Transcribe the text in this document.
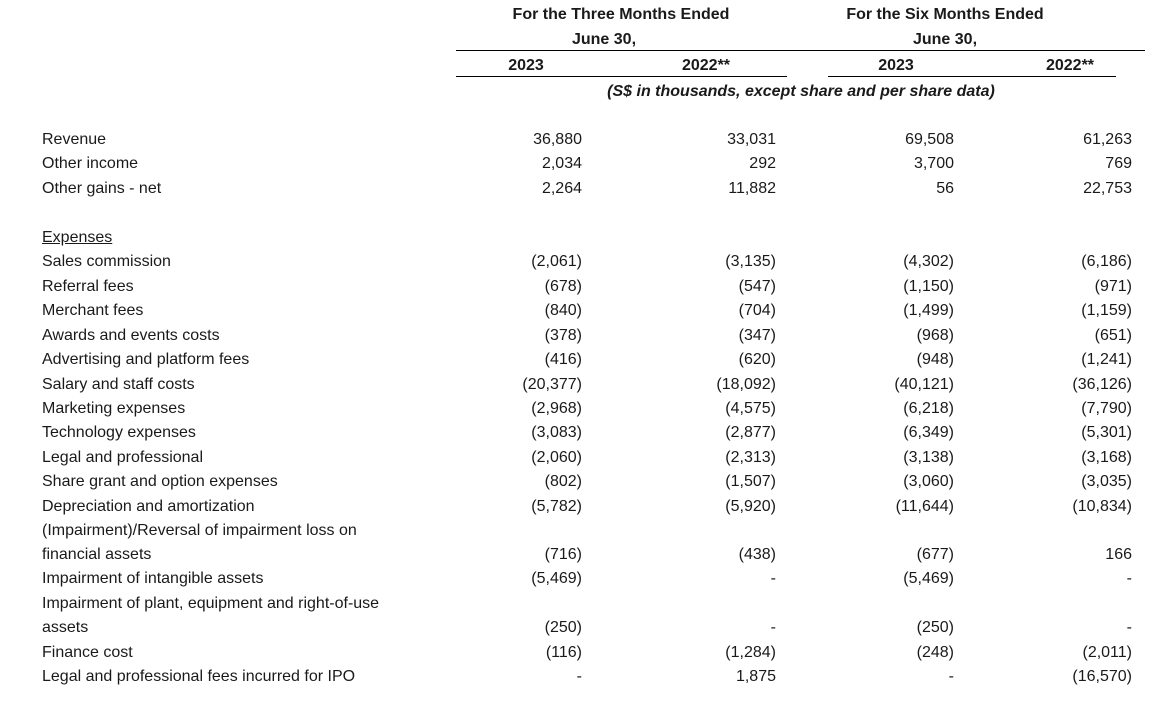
For the Three Months Ended
June 30,
For the Six Months Ended
June 30,
2023	2022**	2023	2022**
(S$ in thousands, except share and per share data)
Revenue	36,880	33,031	69,508	61,263
Other income	2,034	292	3,700	769
Other gains - net	2,264	11,882	56	22,753
Expenses
Sales commission	(2,061)	(3,135)	(4,302)	(6,186)
Referral fees	(678)	(547)	(1,150)	(971)
Merchant fees	(840)	(704)	(1,499)	(1,159)
Awards and events costs	(378)	(347)	(968)	(651)
Advertising and platform fees	(416)	(620)	(948)	(1,241)
Salary and staff costs	(20,377)	(18,092)	(40,121)	(36,126)
Marketing expenses	(2,968)	(4,575)	(6,218)	(7,790)
Technology expenses	(3,083)	(2,877)	(6,349)	(5,301)
Legal and professional	(2,060)	(2,313)	(3,138)	(3,168)
Share grant and option expenses	(802)	(1,507)	(3,060)	(3,035)
Depreciation and amortization	(5,782)	(5,920)	(11,644)	(10,834)
(Impairment)/Reversal of impairment loss on
financial assets	(716)	(438)	(677)	166
Impairment of intangible assets	(5,469)	-	(5,469)	-
Impairment of plant, equipment and right-of-use
assets	(250)	-	(250)	-
Finance cost	(116)	(1,284)	(248)	(2,011)
Legal and professional fees incurred for IPO	-	1,875	-	(16,570)
